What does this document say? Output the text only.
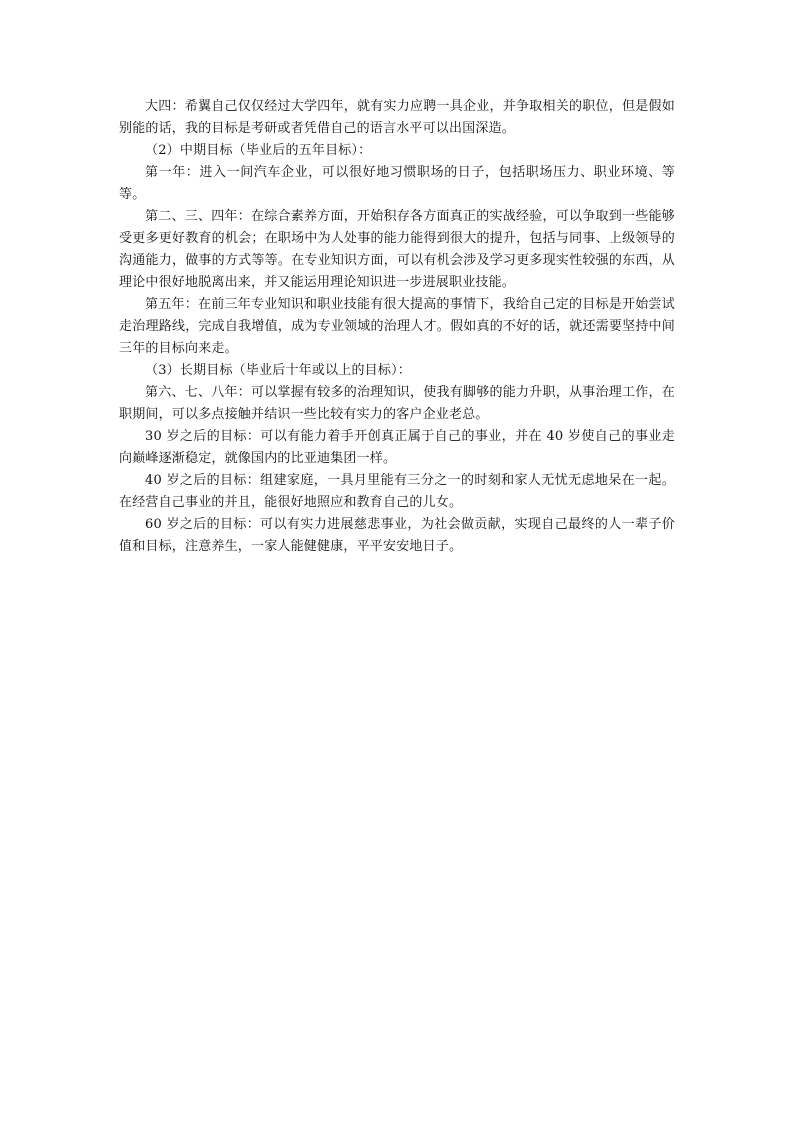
大四：希翼自己仅仅经过大学四年，就有实力应聘一具企业，并争取相关的职位，但是假如别能的话，我的目标是考研或者凭借自己的语言水平可以出国深造。

（2）中期目标（毕业后的五年目标）：

第一年：进入一间汽车企业，可以很好地习惯职场的日子，包括职场压力、职业环境、等等。

第二、三、四年：在综合素养方面，开始积存各方面真正的实战经验，可以争取到一些能够受更多更好教育的机会；在职场中为人处事的能力能得到很大的提升，包括与同事、上级领导的沟通能力，做事的方式等等。在专业知识方面，可以有机会涉及学习更多现实性较强的东西，从理论中很好地脱离出来，并又能运用理论知识进一步进展职业技能。

第五年：在前三年专业知识和职业技能有很大提高的事情下，我给自己定的目标是开始尝试走治理路线，完成自我增值，成为专业领域的治理人才。假如真的不好的话，就还需要坚持中间三年的目标向来走。

（3）长期目标（毕业后十年或以上的目标）：

第六、七、八年：可以掌握有较多的治理知识，使我有脚够的能力升职，从事治理工作，在职期间，可以多点接触并结识一些比较有实力的客户企业老总。

30 岁之后的目标：可以有能力着手开创真正属于自己的事业，并在 40 岁使自己的事业走向巅峰逐渐稳定，就像国内的比亚迪集团一样。

40 岁之后的目标：组建家庭，一具月里能有三分之一的时刻和家人无忧无虑地呆在一起。在经营自己事业的并且，能很好地照应和教育自己的儿女。

60 岁之后的目标：可以有实力进展慈悲事业，为社会做贡献，实现自己最终的人一辈子价值和目标，注意养生，一家人能健健康，平平安安地日子。
